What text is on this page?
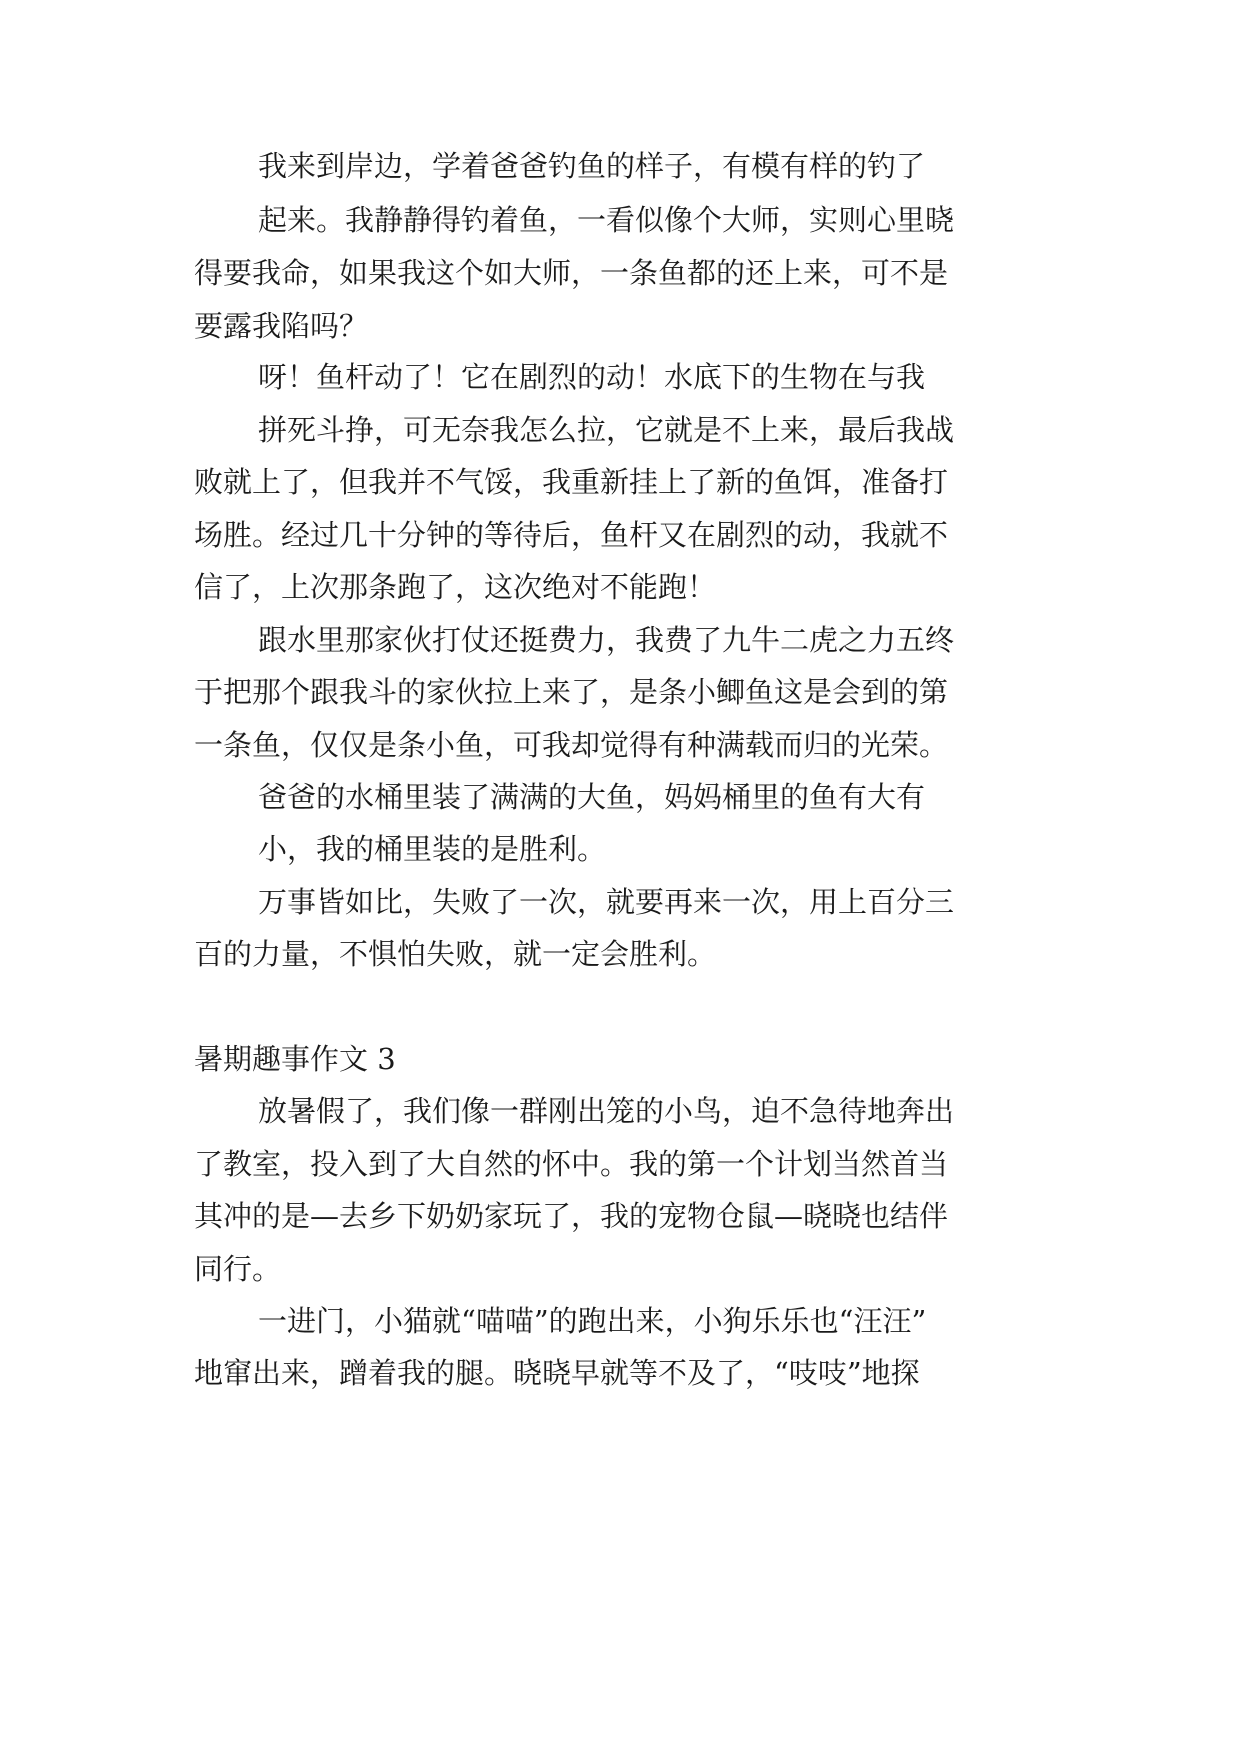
我来到岸边，学着爸爸钓鱼的样子，有模有样的钓了
起来。我静静得钓着鱼，一看似像个大师，实则心里晓
得要我命，如果我这个如大师，一条鱼都的还上来，可不是
要露我陷吗？
呀！鱼杆动了！它在剧烈的动！水底下的生物在与我
拼死斗挣，可无奈我怎么拉，它就是不上来，最后我战
败就上了，但我并不气馁，我重新挂上了新的鱼饵，准备打
场胜。经过几十分钟的等待后，鱼杆又在剧烈的动，我就不
信了，上次那条跑了，这次绝对不能跑！
跟水里那家伙打仗还挺费力，我费了九牛二虎之力五终
于把那个跟我斗的家伙拉上来了，是条小鲫鱼这是会到的第
一条鱼，仅仅是条小鱼，可我却觉得有种满载而归的光荣。
爸爸的水桶里装了满满的大鱼，妈妈桶里的鱼有大有
小，我的桶里装的是胜利。
万事皆如比，失败了一次，就要再来一次，用上百分三
百的力量，不惧怕失败，就一定会胜利。
暑期趣事作文 3
放暑假了，我们像一群刚出笼的小鸟，迫不急待地奔出
了教室，投入到了大自然的怀中。我的第一个计划当然首当
其冲的是—去乡下奶奶家玩了，我的宠物仓鼠—晓晓也结伴
同行。
一进门，小猫就“喵喵”的跑出来，小狗乐乐也“汪汪”
地窜出来，蹭着我的腿。晓晓早就等不及了，“吱吱”地探
